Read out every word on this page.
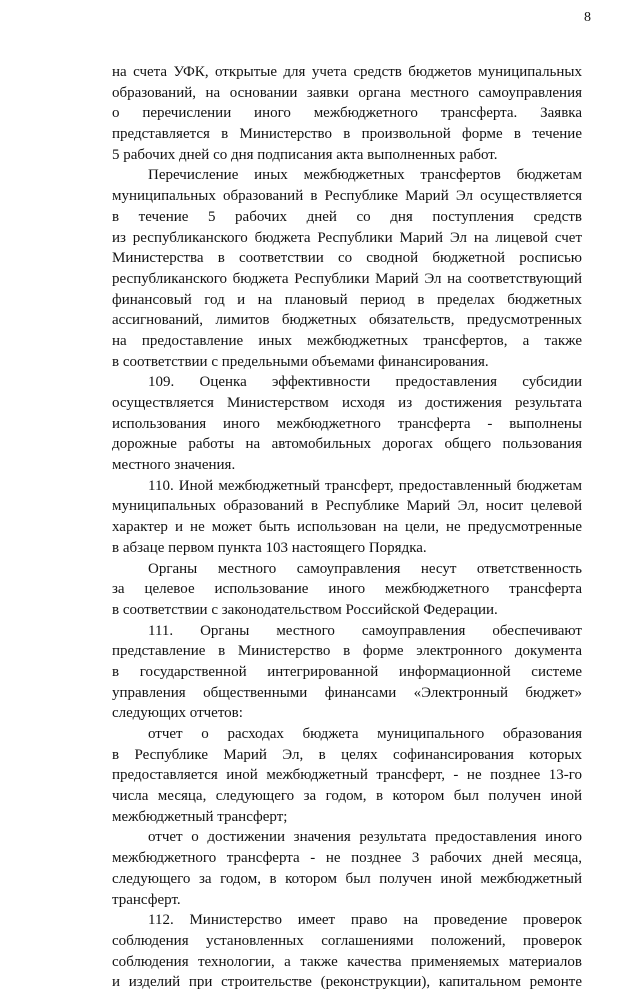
8
на счета УФК, открытые для учета средств бюджетов муниципальных
образований, на основании заявки органа местного самоуправления
о перечислении иного межбюджетного трансферта. Заявка
представляется в Министерство в произвольной форме в течение
5 рабочих дней со дня подписания акта выполненных работ.
Перечисление иных межбюджетных трансфертов бюджетам
муниципальных образований в Республике Марий Эл осуществляется
в течение 5 рабочих дней со дня поступления средств
из республиканского бюджета Республики Марий Эл на лицевой счет
Министерства в соответствии со сводной бюджетной росписью
республиканского бюджета Республики Марий Эл на соответствующий
финансовый год и на плановый период в пределах бюджетных
ассигнований, лимитов бюджетных обязательств, предусмотренных
на предоставление иных межбюджетных трансфертов, а также
в соответствии с предельными объемами финансирования.
109. Оценка эффективности предоставления субсидии
осуществляется Министерством исходя из достижения результата
использования иного межбюджетного трансферта - выполнены
дорожные работы на автомобильных дорогах общего пользования
местного значения.
110. Иной межбюджетный трансферт, предоставленный бюджетам
муниципальных образований в Республике Марий Эл, носит целевой
характер и не может быть использован на цели, не предусмотренные
в абзаце первом пункта 103 настоящего Порядка.
Органы местного самоуправления несут ответственность
за целевое использование иного межбюджетного трансферта
в соответствии с законодательством Российской Федерации.
111. Органы местного самоуправления обеспечивают
представление в Министерство в форме электронного документа
в государственной интегрированной информационной системе
управления общественными финансами «Электронный бюджет»
следующих отчетов:
отчет о расходах бюджета муниципального образования
в Республике Марий Эл, в целях софинансирования которых
предоставляется иной межбюджетный трансферт, - не позднее 13-го
числа месяца, следующего за годом, в котором был получен иной
межбюджетный трансферт;
отчет о достижении значения результата предоставления иного
межбюджетного трансферта - не позднее 3 рабочих дней месяца,
следующего за годом, в котором был получен иной межбюджетный
трансферт.
112. Министерство имеет право на проведение проверок
соблюдения установленных соглашениями положений, проверок
соблюдения технологии, а также качества применяемых материалов
и изделий при строительстве (реконструкции), капитальном ремонте
